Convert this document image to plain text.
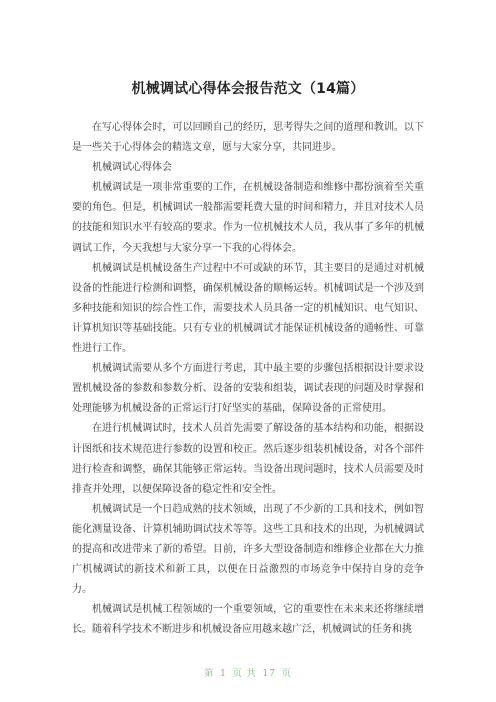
机械调试心得体会报告范文（14篇）

在写心得体会时，可以回顾自己的经历，思考得失之间的道理和教训。以下是一些关于心得体会的精选文章，愿与大家分享，共同进步。

机械调试心得体会

机械调试是一项非常重要的工作，在机械设备制造和维修中都扮演着至关重要的角色。但是，机械调试一般都需要耗费大量的时间和精力，并且对技术人员的技能和知识水平有较高的要求。作为一位机械技术人员，我从事了多年的机械调试工作，今天我想与大家分享一下我的心得体会。

机械调试是机械设备生产过程中不可或缺的环节，其主要目的是通过对机械设备的性能进行检测和调整，确保机械设备的顺畅运转。机械调试是一个涉及到多种技能和知识的综合性工作，需要技术人员具备一定的机械知识、电气知识、计算机知识等基础技能。只有专业的机械调试才能保证机械设备的通畅性、可靠性进行工作。

机械调试需要从多个方面进行考虑，其中最主要的步骤包括根据设计要求设置机械设备的参数和参数分析、设备的安装和组装，调试表现的问题及时掌握和处理能够为机械设备的正常运行打好坚实的基础，保障设备的正常使用。

在进行机械调试时，技术人员首先需要了解设备的基本结构和功能，根据设计图纸和技术规范进行参数的设置和校正。然后逐步组装机械设备，对各个部件进行检查和调整，确保其能够正常运转。当设备出现问题时，技术人员需要及时排查并处理，以便保障设备的稳定性和安全性。

机械调试是一个日趋成熟的技术领域，出现了不少新的工具和技术，例如智能化测量设备、计算机辅助调试技术等等。这些工具和技术的出现，为机械调试的提高和改进带来了新的希望。目前，许多大型设备制造和维修企业都在大力推广机械调试的新技术和新工具，以便在日益激烈的市场竞争中保持自身的竞争力。

机械调试是机械工程领域的一个重要领域，它的重要性在未来来还将继续增长。随着科学技术不断进步和机械设备应用越来越广泛，机械调试的任务和挑

第 1 页 共 17 页
